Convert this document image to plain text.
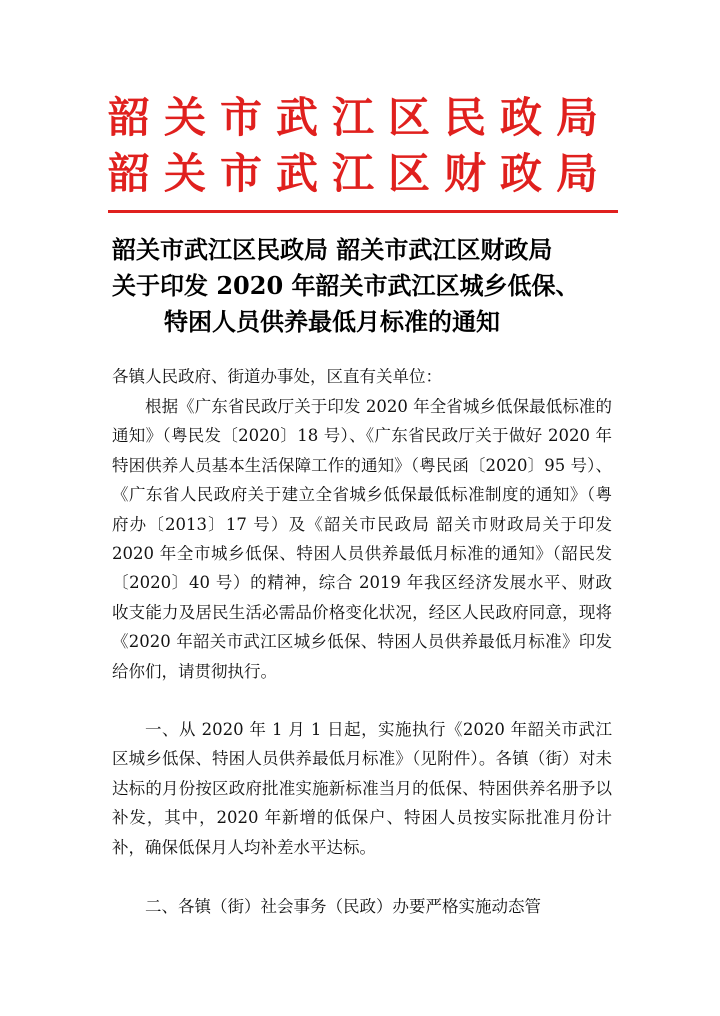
韶关市武江区民政局
韶关市武江区财政局
韶关市武江区民政局 韶关市武江区财政局
关于印发 2020 年韶关市武江区城乡低保、
特困人员供养最低月标准的通知
各镇人民政府、街道办事处，区直有关单位：
根据《广东省民政厅关于印发 2020 年全省城乡低保最低标准的通知》（粤民发〔2020〕18 号）、《广东省民政厅关于做好 2020 年特困供养人员基本生活保障工作的通知》（粤民函〔2020〕95 号）、《广东省人民政府关于建立全省城乡低保最低标准制度的通知》（粤府办〔2013〕17 号）及《韶关市民政局 韶关市财政局关于印发 2020 年全市城乡低保、特困人员供养最低月标准的通知》（韶民发〔2020〕40 号）的精神，综合 2019 年我区经济发展水平、财政收支能力及居民生活必需品价格变化状况，经区人民政府同意，现将《2020 年韶关市武江区城乡低保、特困人员供养最低月标准》印发给你们，请贯彻执行。
一、从 2020 年 1 月 1 日起，实施执行《2020 年韶关市武江区城乡低保、特困人员供养最低月标准》（见附件）。各镇（街）对未达标的月份按区政府批准实施新标准当月的低保、特困供养名册予以补发，其中，2020 年新增的低保户、特困人员按实际批准月份计补，确保低保月人均补差水平达标。
二、各镇（街）社会事务（民政）办要严格实施动态管
